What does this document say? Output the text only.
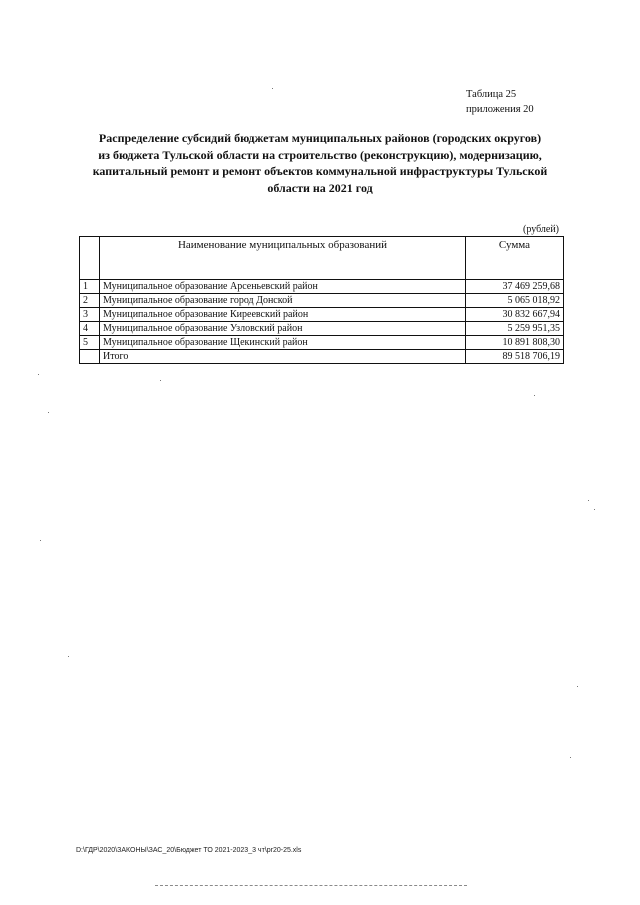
Таблица 25
приложения 20
Распределение субсидий бюджетам муниципальных районов (городских округов)
из бюджета Тульской области на строительство (реконструкцию), модернизацию,
капитальный ремонт и ремонт объектов коммунальной инфраструктуры Тульской
области на 2021 год
(рублей)
	Наименование муниципальных образований	Сумма
1	Муниципальное образование Арсеньевский район	37 469 259,68
2	Муниципальное образование город Донской	5 065 018,92
3	Муниципальное образование Киреевский район	30 832 667,94
4	Муниципальное образование Узловский район	5 259 951,35
5	Муниципальное образование Щекинский район	10 891 808,30
	Итого	89 518 706,19
D:\ГДР\2020\ЗАКОНЫ\ЗАС_20\Бюджет ТО 2021-2023_3 чт\pr20-25.xls
